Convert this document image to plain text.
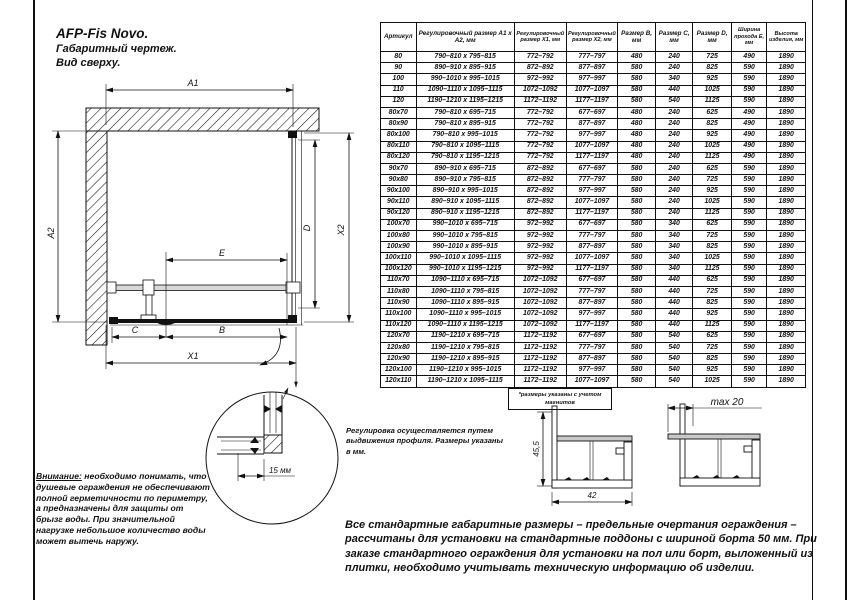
AFP-Fis Novo.
Габаритный чертеж.
Вид сверху.
A1
A2	D	X2
E
C	B
X1
15 мм
45,5
42
max 20
Артикул	Регулировочный размер A1 х A2, мм	Регулировочный размер X1, мм	Регулировочный размер X2, мм	Размер B, мм	Размер C, мм	Размер D, мм	Ширина прохода E, мм	Высота изделия, мм
80	790–810 х 795–815	772–792	777–797	480	240	725	490	1890
90	890–910 х 895–915	872–892	877–897	580	240	825	590	1890
100	990–1010 х 995–1015	972–992	977–997	580	340	925	590	1890
110	1090–1110 х 1095–1115	1072–1092	1077–1097	580	440	1025	590	1890
120	1190–1210 х 1195–1215	1172–1192	1177–1197	580	540	1125	590	1890
80х70	790–810 х 695–715	772–792	677–697	480	240	625	490	1890
80х90	790–810 х 895–915	772–792	877–897	480	240	825	490	1890
80х100	790–810 х 995–1015	772–792	977–997	480	240	925	490	1890
80х110	790–810 х 1095–1115	772–792	1077–1097	480	240	1025	490	1890
80х120	790–810 х 1195–1215	772–792	1177–1197	480	240	1125	490	1890
90х70	890–910 х 695–715	872–892	677–697	580	240	625	590	1890
90х80	890–910 х 795–815	872–892	777–797	580	240	725	590	1890
90х100	890–910 х 995–1015	872–892	977–997	580	240	925	590	1890
90х110	890–910 х 1095–1115	872–892	1077–1097	580	240	1025	590	1890
90х120	890–910 х 1195–1215	872–892	1177–1197	580	240	1125	590	1890
100х70	990–1010 х 695–715	972–992	677–697	580	340	625	590	1890
100х80	990–1010 х 795–815	972–992	777–797	580	340	725	590	1890
100х90	990–1010 х 895–915	972–992	877–897	580	340	825	590	1890
100х110	990–1010 х 1095–1115	972–992	1077–1097	580	340	1025	590	1890
100х120	990–1010 х 1195–1215	972–992	1177–1197	580	340	1125	590	1890
110х70	1090–1110 х 695–715	1072–1092	677–697	580	440	625	590	1890
110х80	1090–1110 х 795–815	1072–1092	777–797	580	440	725	590	1890
110х90	1090–1110 х 895–915	1072–1092	877–897	580	440	825	590	1890
110х100	1090–1110 х 995–1015	1072–1092	977–997	580	440	925	590	1890
110х120	1090–1110 х 1195–1215	1072–1092	1177–1197	580	440	1125	590	1890
120х70	1190–1210 х 695–715	1172–1192	677–697	580	540	625	590	1890
120х80	1190–1210 х 795–815	1172–1192	777–797	580	540	725	590	1890
120х90	1190–1210 х 895–915	1172–1192	877–897	580	540	825	590	1890
120х100	1190–1210 х 995–1015	1172–1192	977–997	580	540	925	590	1890
120х110	1190–1210 х 1095–1115	1172–1192	1077–1097	580	540	1025	590	1890
*размеры указаны с учетом магнитов
Регулировка осуществляется путем выдвижения профиля. Размеры указаны в мм.
Внимание: необходимо понимать, что душевые ограждения не обеспечивают полной герметичности по периметру, а предназначены для защиты от брызг воды. При значительной нагрузке небольшое количество воды может вытечь наружу.
Все стандартные габаритные размеры – предельные очертания ограждения – рассчитаны для установки на стандартные поддоны с шириной борта 50 мм. При заказе стандартного ограждения для установки на пол или борт, выложенный из плитки, необходимо учитывать техническую информацию об изделии.
